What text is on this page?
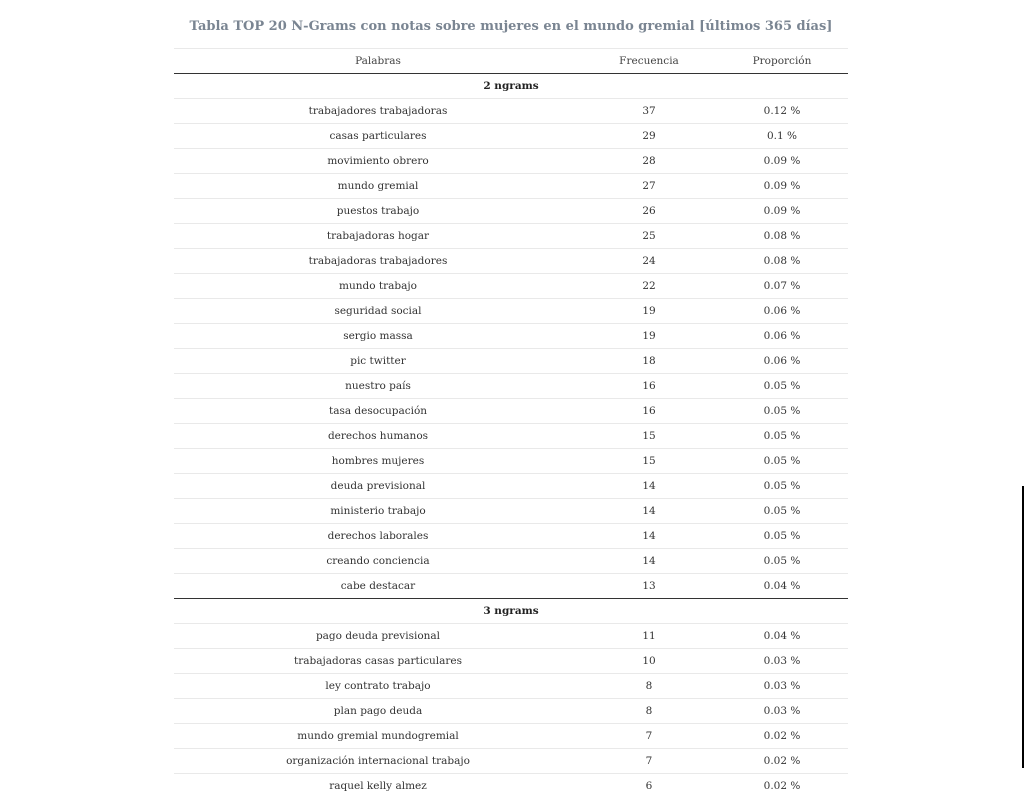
Tabla TOP 20 N-Grams con notas sobre mujeres en el mundo gremial [últimos 365 días]
Palabras	Frecuencia	Proporción
2 ngrams		
trabajadores trabajadoras	37	0.12 %
casas particulares	29	0.1 %
movimiento obrero	28	0.09 %
mundo gremial	27	0.09 %
puestos trabajo	26	0.09 %
trabajadoras hogar	25	0.08 %
trabajadoras trabajadores	24	0.08 %
mundo trabajo	22	0.07 %
seguridad social	19	0.06 %
sergio massa	19	0.06 %
pic twitter	18	0.06 %
nuestro país	16	0.05 %
tasa desocupación	16	0.05 %
derechos humanos	15	0.05 %
hombres mujeres	15	0.05 %
deuda previsional	14	0.05 %
ministerio trabajo	14	0.05 %
derechos laborales	14	0.05 %
creando conciencia	14	0.05 %
cabe destacar	13	0.04 %
3 ngrams		
pago deuda previsional	11	0.04 %
trabajadoras casas particulares	10	0.03 %
ley contrato trabajo	8	0.03 %
plan pago deuda	8	0.03 %
mundo gremial mundogremial	7	0.02 %
organización internacional trabajo	7	0.02 %
raquel kelly almez	6	0.02 %
